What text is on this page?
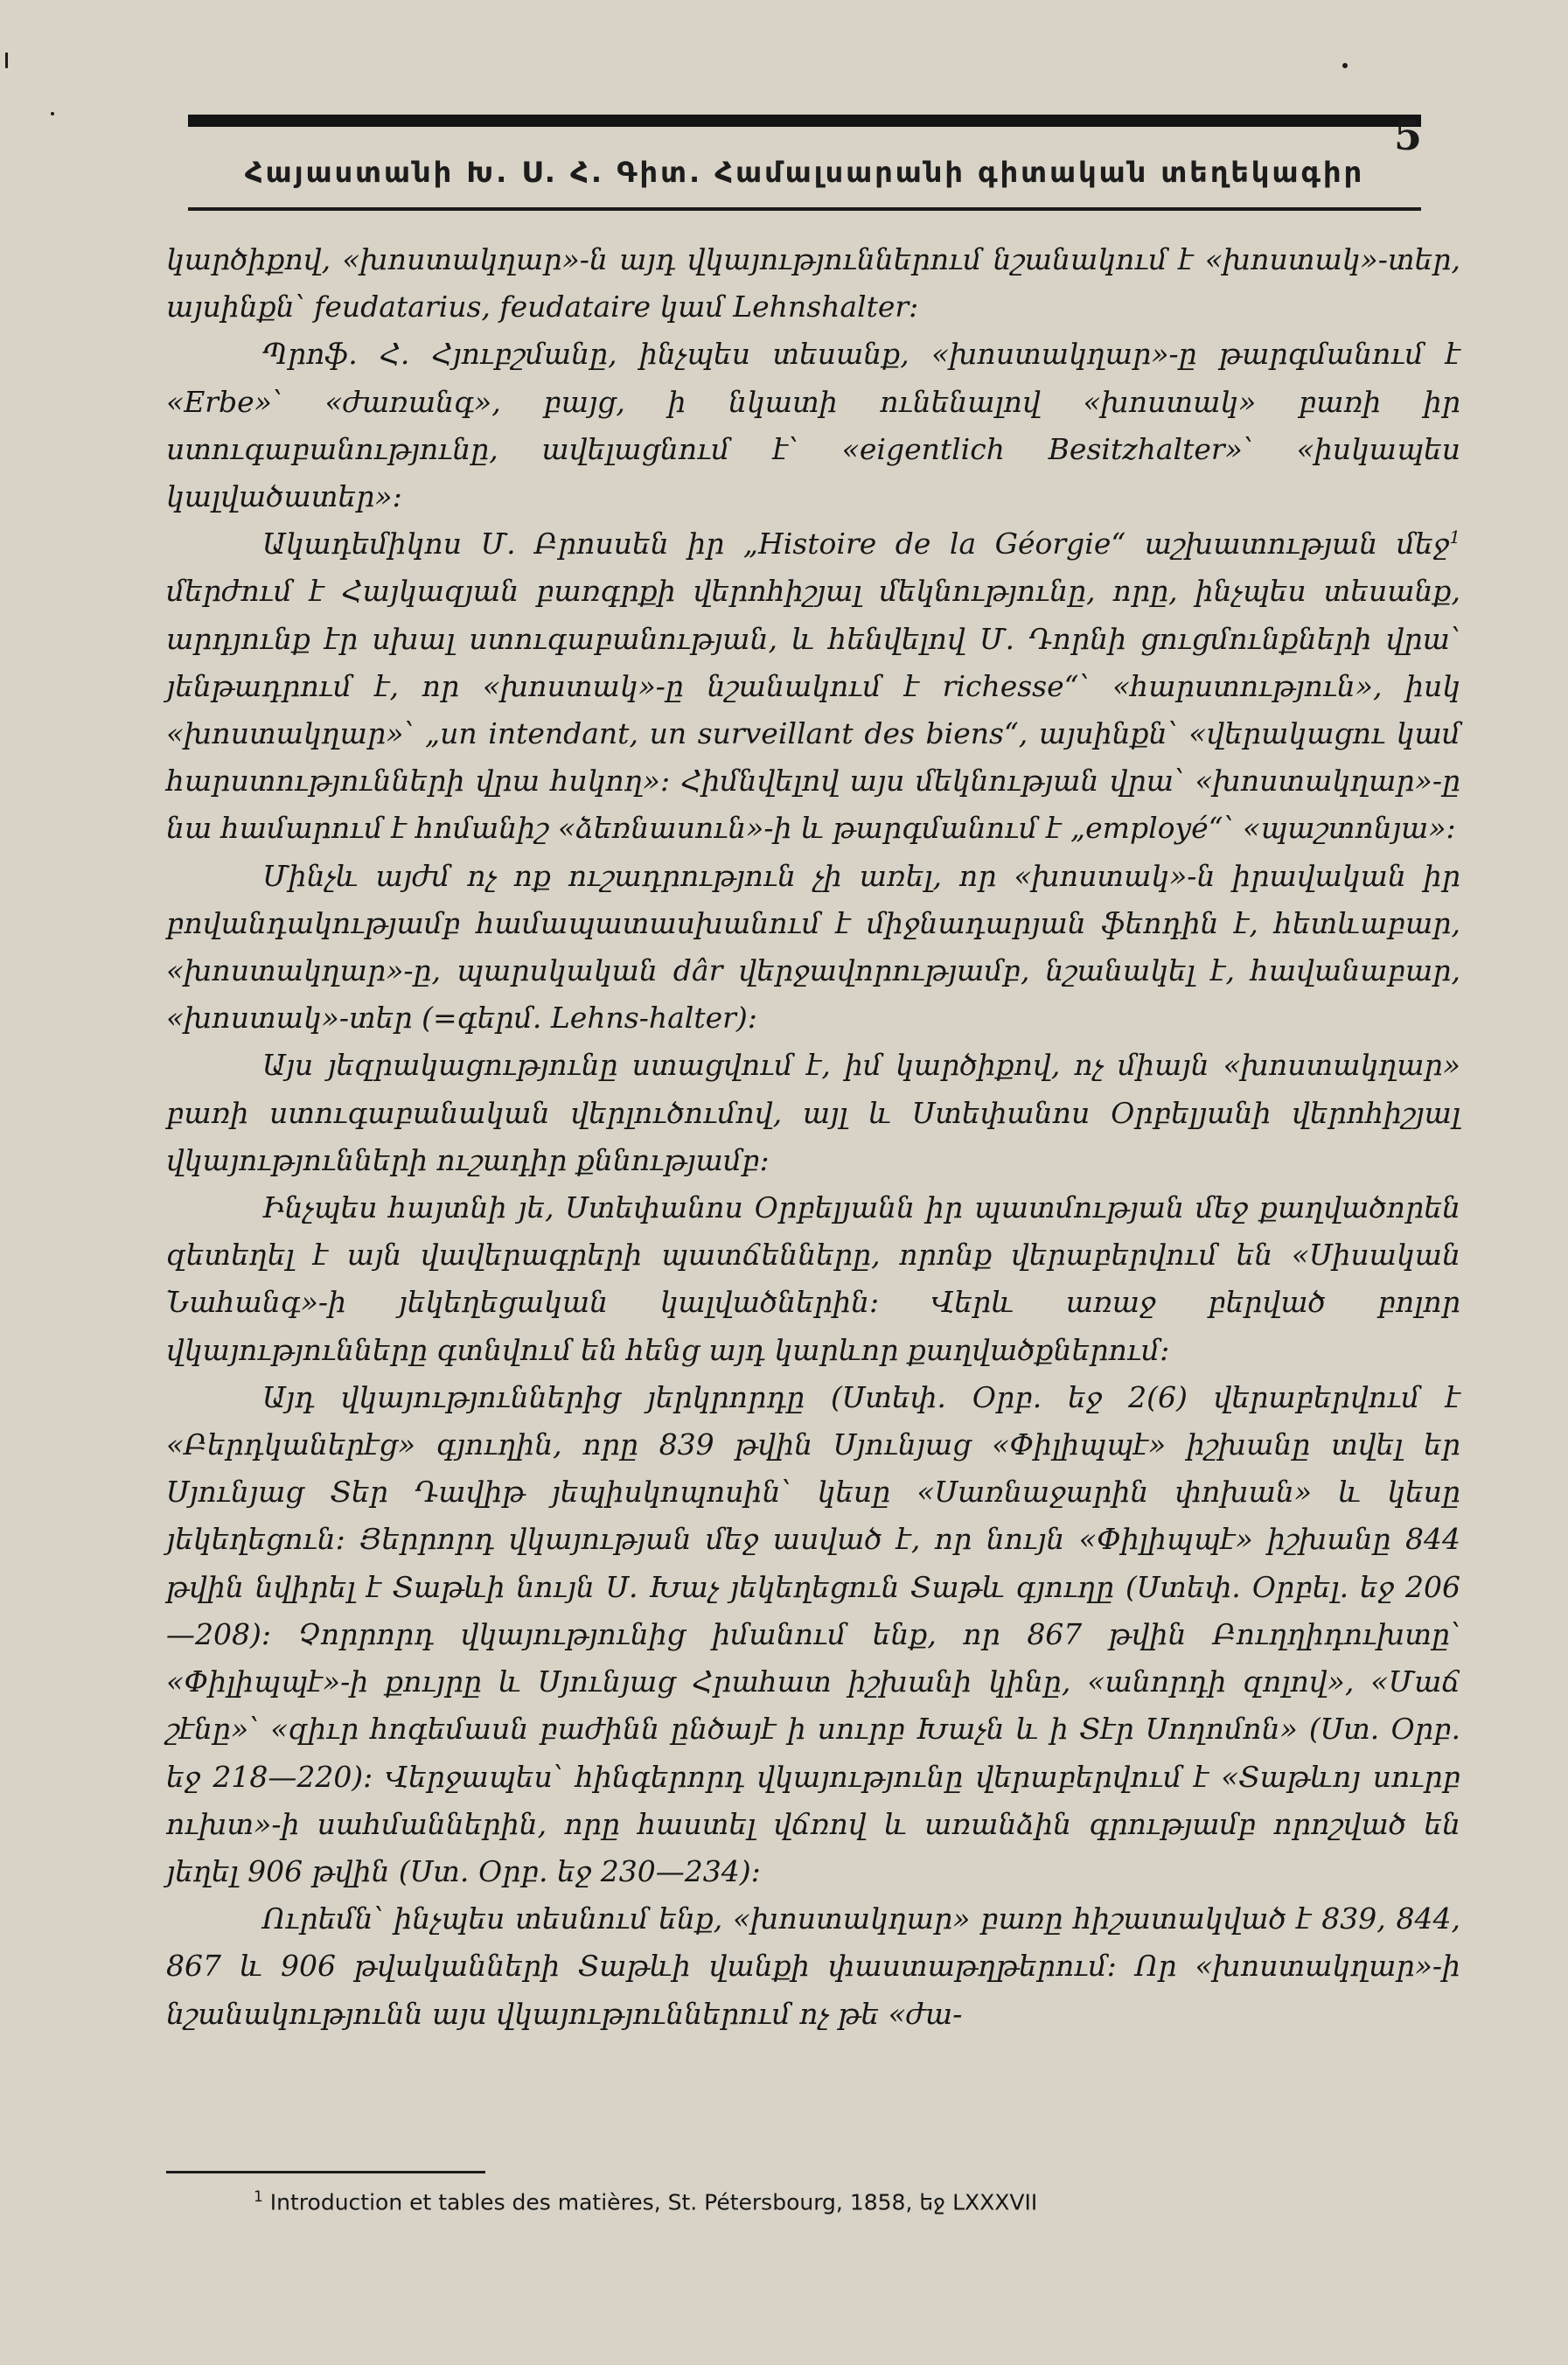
5
Հայաստանի Խ. Ս. Հ. Գիտ. Համալսարանի գիտական տեղեկագիր

կարծիքով, «խոստակղար»-ն այդ վկայություններում նշանակում է «խոստակ»-տեր, այսինքն՝ feudatarius, feudataire կամ Lehnshalter։

Պրոֆ. Հ. Հյուբշմանը, ինչպես տեսանք, «խոստակղար»-ը թարգմանում է «Erbe»՝ «ժառանգ», բայց, ի նկատի ունենալով «խոստակ» բառի իր ստուգաբանությունը, ավելացնում է՝ «eigentlich Besitzhalter»՝ «իսկապես կալվածատեր»։

Ակադեմիկոս Մ. Բրոսսեն իր „Histoire de la Géorgie“ աշխատության մեջ$^1$ մերժում է Հայկազյան բառգրքի վերոհիշյալ մեկնությունը, որը, ինչպես տեսանք, արդյունք էր սխալ ստուգաբանության, և հենվելով Մ. Դորնի ցուցմունքների վրա՝ յենթադրում է, որ «խոստակ»-ը նշանակում է richesse“՝ «հարստություն», իսկ «խոստակղար»՝ „un intendant, un surveillant des biens“, այսինքն՝ «վերակացու կամ հարստությունների վրա հսկող»։ Հիմնվելով այս մեկնության վրա՝ «խոստակղար»-ը նա համարում է հոմանիշ «ձեռնասուն»-ի և թարգմանում է „employé“՝ «պաշտոնյա»։

Մինչև այժմ ոչ ոք ուշադրություն չի առել, որ «խոստակ»-ն իրավական իր բովանդակությամբ համապատասխանում է միջնադարյան ֆեոդին է, հետևաբար, «խոստակղար»-ը, պարսկական dâr վերջավորությամբ, նշանակել է, հավանաբար, «խոստակ»-տեր (=գերմ. Lehns-halter)։

Այս յեզրակացությունը ստացվում է, իմ կարծիքով, ոչ միայն «խոստակղար» բառի ստուգաբանական վերլուծումով, այլ և Ստեփանոս Օրբելյանի վերոհիշյալ վկայությունների ուշադիր քննությամբ։

Ինչպես հայտնի յե, Ստեփանոս Օրբելյանն իր պատմության մեջ քաղվածորեն զետեղել է այն վավերագրերի պատճենները, որոնք վերաբերվում են «Սիսական Նահանգ»-ի յեկեղեցական կալվածներին։ Վերև առաջ բերված բոլոր վկայությունները գտնվում են հենց այդ կարևոր քաղվածքներում։

Այդ վկայություններից յերկրորդը (Ստեփ. Օրբ. եջ 2(6) վերաբերվում է «Բերդկաներէց» գյուղին, որը 839 թվին Սյունյաց «Փիլիպպէ» իշխանը տվել եր Սյունյաց Տեր Դավիթ յեպիսկոպոսին՝ կեսը «Սառնաջարին փոխան» և կեսը յեկեղեցուն։ Յերրորդ վկայության մեջ ասված է, որ նույն «Փիլիպպէ» իշխանը 844 թվին նվիրել է Տաթևի նույն Ս. Խաչ յեկեղեցուն Տաթև գյուղը (Ստեփ. Օրբել. եջ 206—208)։ Չորրորդ վկայությունից իմանում ենք, որ 867 թվին Բուղղիդուխտը՝ «Փիլիպպէ»-ի քույրը և Սյունյաց Հրահատ իշխանի կինը, «անորդի զոլով», «Մաճ շէնը»՝ «զիւր հոգեմասն բաժինն ընծայէ ի սուրբ Խաչն և ի Տէր Սողոմոն» (Ստ. Օրբ. եջ 218—220)։ Վերջապես՝ հինգերորդ վկայությունը վերաբերվում է «Տաթևոյ սուրբ ուխտ»-ի սահմաններին, որը հաստել վճռով և առանձին գրությամբ որոշված են յեղել 906 թվին (Ստ. Օրբ. եջ 230—234)։

Ուրեմն՝ ինչպես տեսնում ենք, «խոստակղար» բառը հիշատակված է 839, 844, 867 և 906 թվականների Տաթևի վանքի փաստաթղթերում։ Որ «խոստակղար»-ի նշանակությունն այս վկայություններում ոչ թե «ժա-

$^1$ Introduction et tables des matières, St. Pétersbourg, 1858, եջ LXXXVII
